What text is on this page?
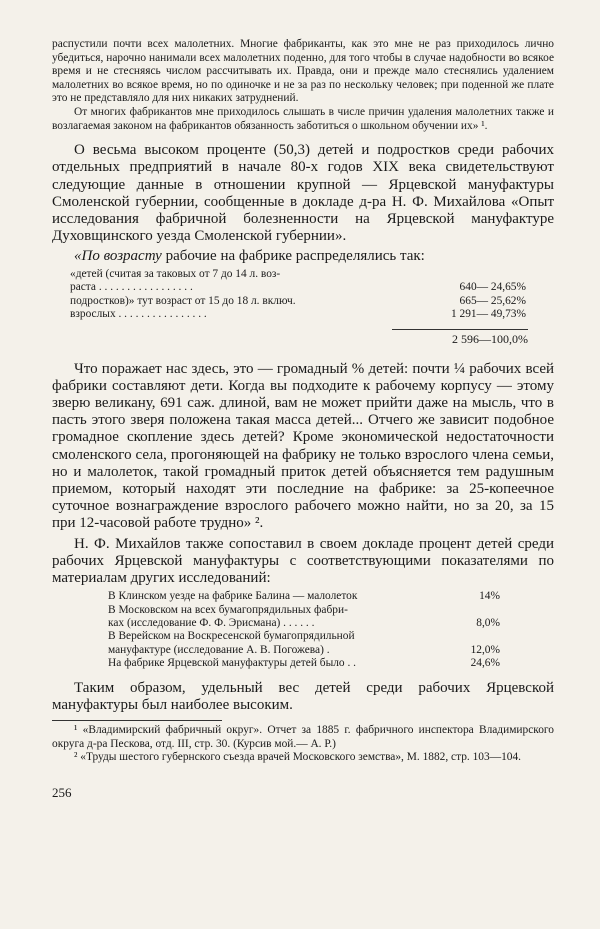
распустили почти всех малолетних. Многие фабриканты, как это мне не раз приходилось лично убедиться, нарочно нанимали всех малолетних поденно, для того чтобы в случае надобности во всякое время и не стесняясь числом рассчитывать их. Правда, они и прежде мало стеснялись удалением малолетних во всякое время, но по одиночке и не за раз по нескольку человек; при поденной же плате это не представляло для них никаких затруднений.

От многих фабрикантов мне приходилось слышать в числе причин удаления малолетних также и возлагаемая законом на фабрикантов обязанность заботиться о школьном обучении их» ¹.

О весьма высоком проценте (50,3) детей и подростков среди рабочих отдельных предприятий в начале 80-х годов XIX века свидетельствуют следующие данные в отношении крупной — Ярцевской мануфактуры Смоленской губернии, сообщенные в докладе д-ра Н. Ф. Михайлова «Опыт исследования фабричной болезненности на Ярцевской мануфактуре Духовщинского уезда Смоленской губернии».

«По возрасту рабочие на фабрике распределялись так:

«детей (считая за таковых от 7 до 14 л. воз-
раста . . . . . . . . . . . . . . . . .	640— 24,65%
подростков)» тут возраст от 15 до 18 л. включ.	665— 25,62%
взрослых . . . . . . . . . . . . . . . .	1 291— 49,73%
2 596—100,0%

Что поражает нас здесь, это — громадный % детей: почти ¼ рабочих всей фабрики составляют дети. Когда вы подходите к рабочему корпусу — этому зверю великану, 691 саж. длиной, вам не может прийти даже на мысль, что в пасть этого зверя положена такая масса детей... Отчего же зависит подобное громадное скопление здесь детей? Кроме экономической недостаточности смоленского села, прогоняющей на фабрику не только взрослого члена семьи, но и малолеток, такой громадный приток детей объясняется тем радушным приемом, который находят эти последние на фабрике: за 25-копеечное суточное вознаграждение взрослого рабочего можно найти, но за 20, за 15 при 12-часовой работе трудно» ².

Н. Ф. Михайлов также сопоставил в своем докладе процент детей среди рабочих Ярцевской мануфактуры с соответствующими показателями по материалам других исследований:

В Клинском уезде на фабрике Балина — малолеток	14%
В Московском на всех бумагопрядильных фабри-
ках (исследование Ф. Ф. Эрисмана) . . . . . .	8,0%
В Верейском на Воскресенской бумагопрядильной
мануфактуре (исследование А. В. Погожева) .	12,0%
На фабрике Ярцевской мануфактуры детей было . .	24,6%

Таким образом, удельный вес детей среди рабочих Ярцевской мануфактуры был наиболее высоким.

¹ «Владимирский фабричный округ». Отчет за 1885 г. фабричного инспектора Владимирского округа д-ра Пескова, отд. III, стр. 30. (Курсив мой.— А. Р.)

² «Труды шестого губернского съезда врачей Московского земства», М. 1882, стр. 103—104.

256
